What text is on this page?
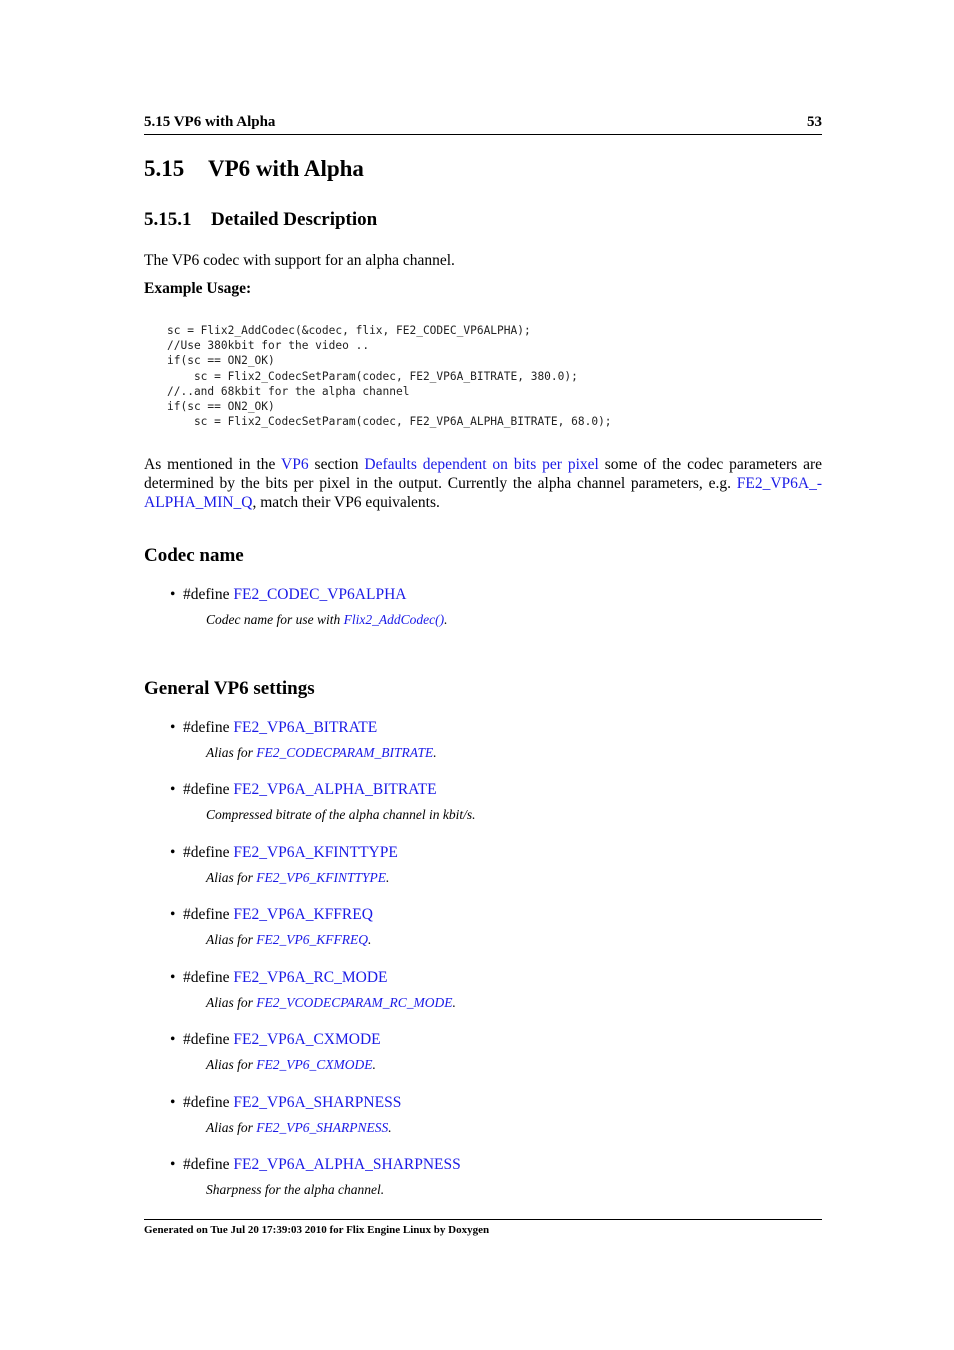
5.15 VP6 with Alpha	53
5.15 VP6 with Alpha
5.15.1 Detailed Description

The VP6 codec with support for an alpha channel.

Example Usage:

sc = Flix2_AddCodec(&codec, flix, FE2_CODEC_VP6ALPHA);
//Use 380kbit for the video ..
if(sc == ON2_OK)
sc = Flix2_CodecSetParam(codec, FE2_VP6A_BITRATE, 380.0);
//..and 68kbit for the alpha channel
if(sc == ON2_OK)
sc = Flix2_CodecSetParam(codec, FE2_VP6A_ALPHA_BITRATE, 68.0);

As mentioned in the VP6 section Defaults dependent on bits per pixel some of the codec parameters are determined by the bits per pixel in the output. Currently the alpha channel parameters, e.g. FE2_VP6A_-ALPHA_MIN_Q, match their VP6 equivalents.

Codec name
• #define FE2_CODEC_VP6ALPHA
Codec name for use with Flix2_AddCodec().
General VP6 settings
• #define FE2_VP6A_BITRATE
Alias for FE2_CODECPARAM_BITRATE.
• #define FE2_VP6A_ALPHA_BITRATE
Compressed bitrate of the alpha channel in kbit/s.
• #define FE2_VP6A_KFINTTYPE
Alias for FE2_VP6_KFINTTYPE.
• #define FE2_VP6A_KFFREQ
Alias for FE2_VP6_KFFREQ.
• #define FE2_VP6A_RC_MODE
Alias for FE2_VCODECPARAM_RC_MODE.
• #define FE2_VP6A_CXMODE
Alias for FE2_VP6_CXMODE.
• #define FE2_VP6A_SHARPNESS
Alias for FE2_VP6_SHARPNESS.
• #define FE2_VP6A_ALPHA_SHARPNESS
Sharpness for the alpha channel.
Generated on Tue Jul 20 17:39:03 2010 for Flix Engine Linux by Doxygen
